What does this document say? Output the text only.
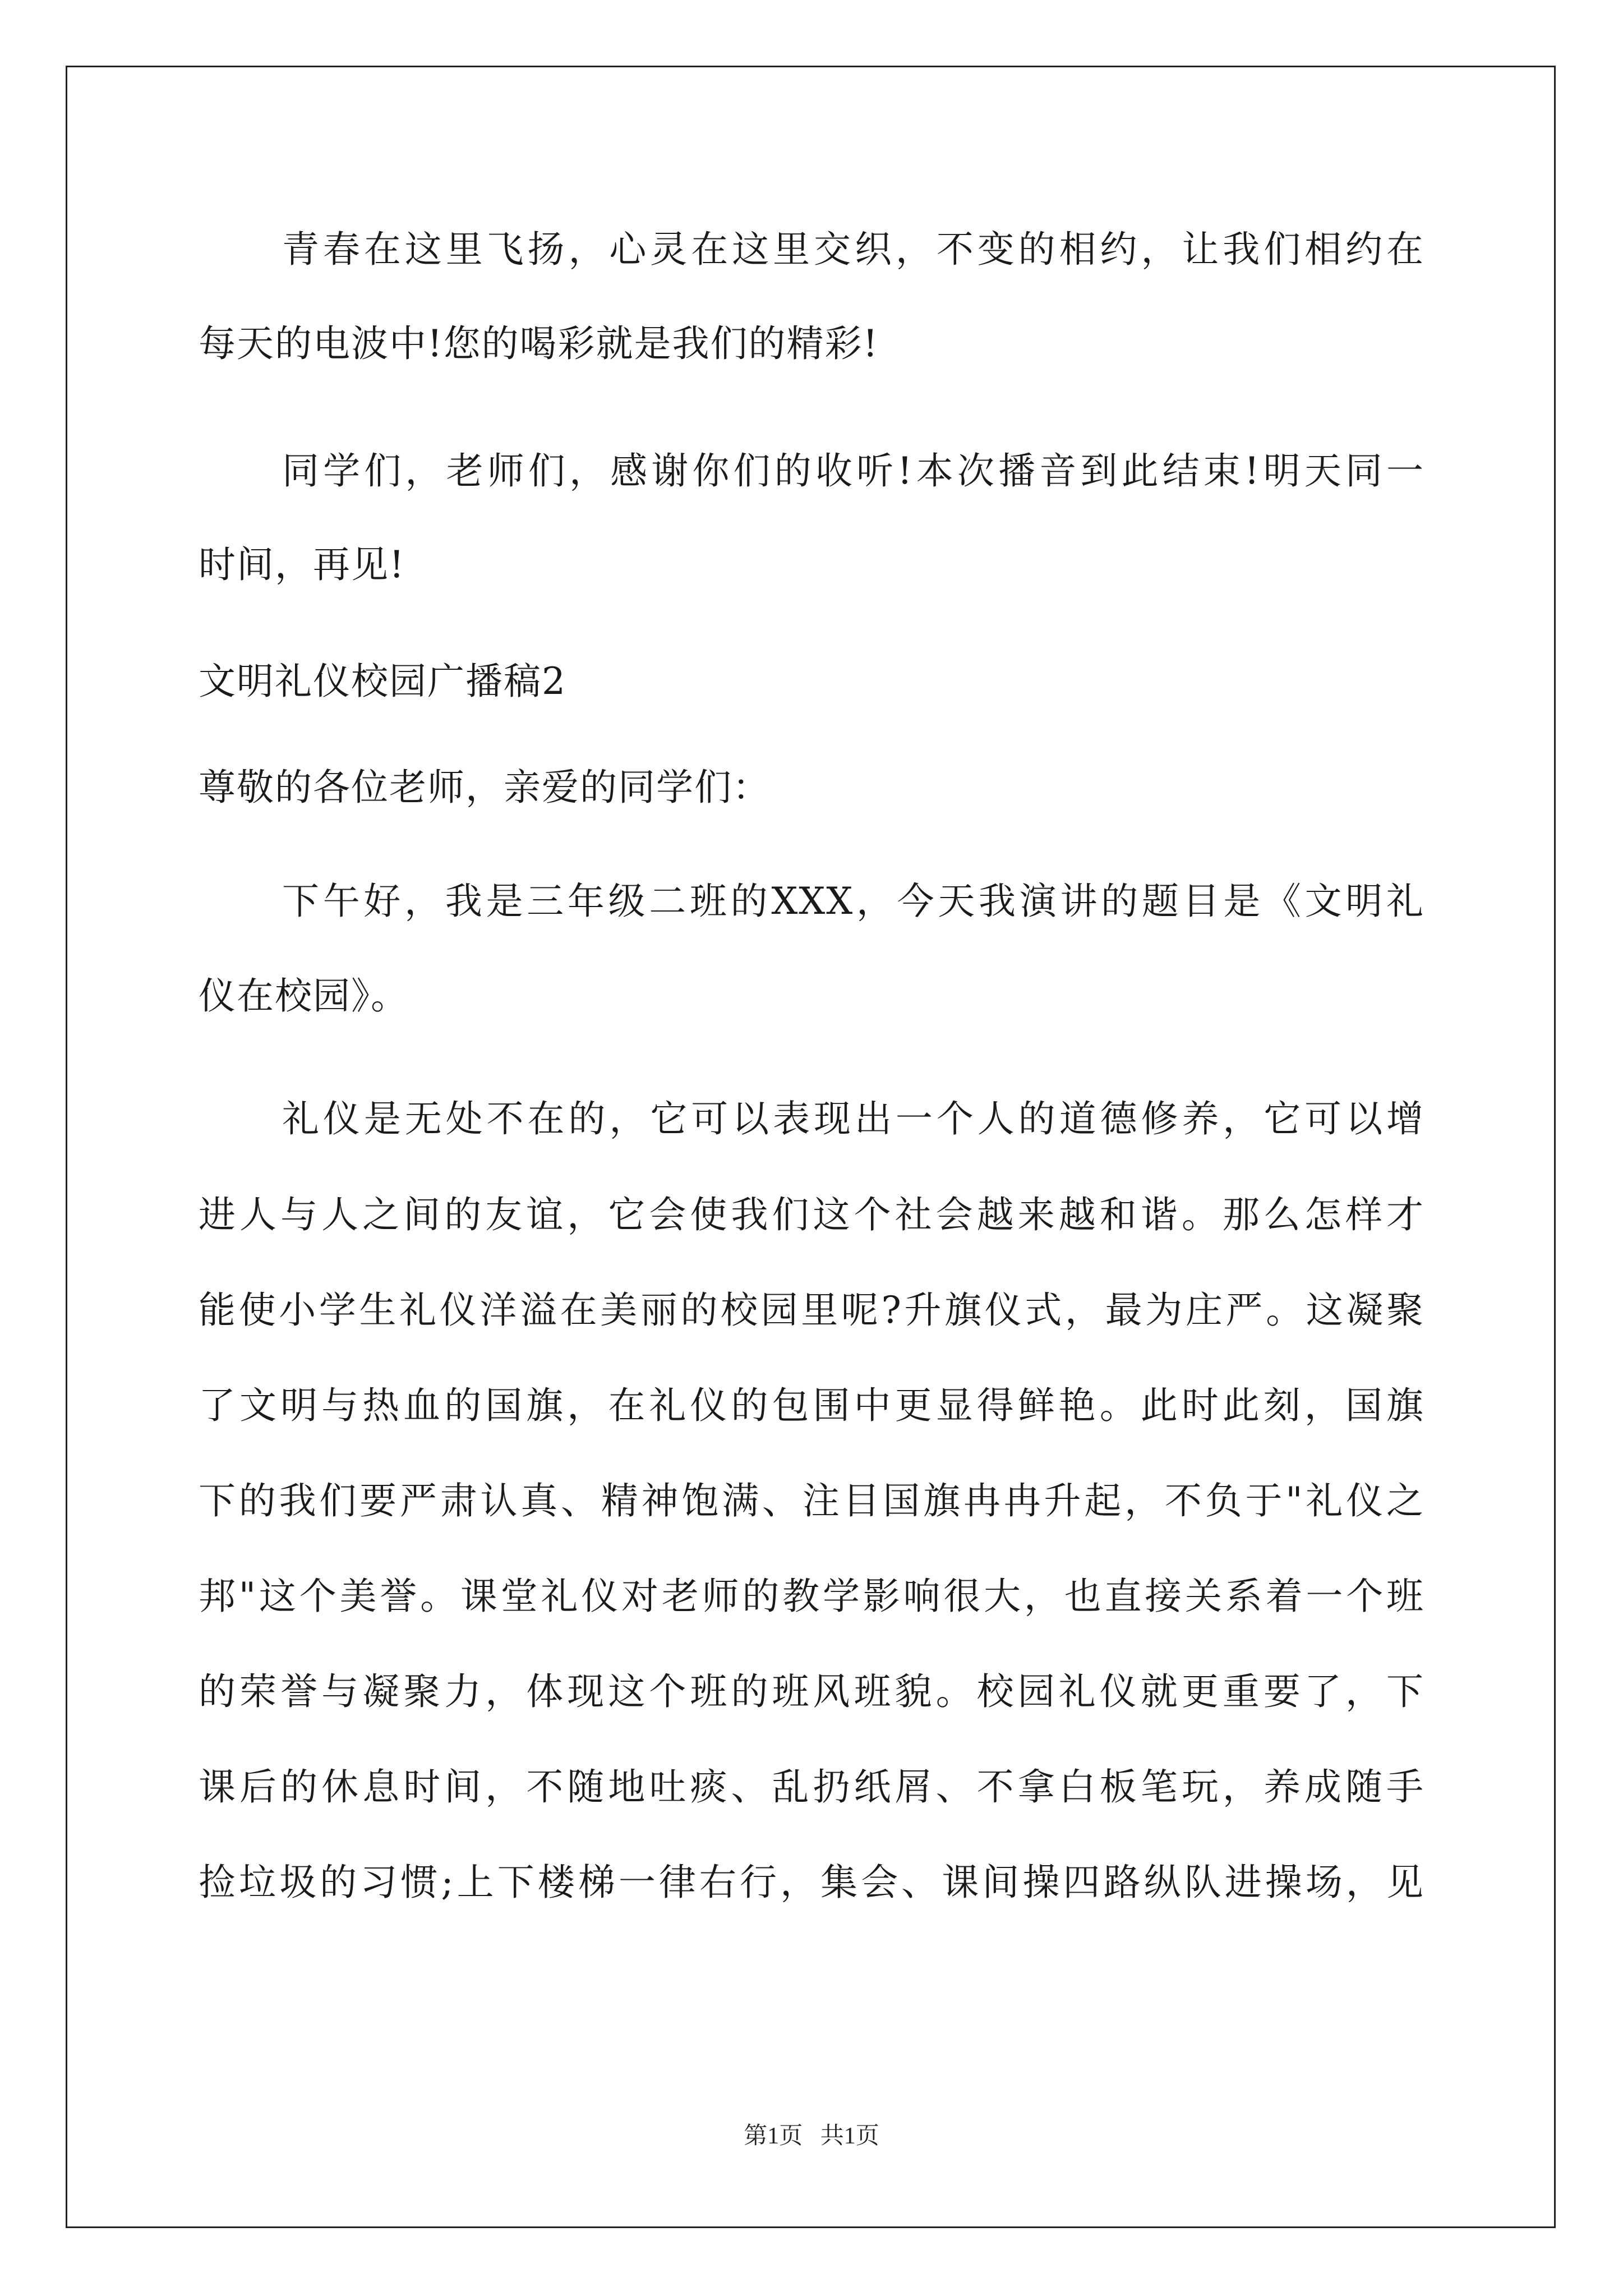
青春在这里飞扬，心灵在这里交织，不变的相约，让我们相约在
每天的电波中!您的喝彩就是我们的精彩!
同学们，老师们，感谢你们的收听!本次播音到此结束!明天同一
时间，再见!
文明礼仪校园广播稿2
尊敬的各位老师，亲爱的同学们：
下午好，我是三年级二班的XXX，今天我演讲的题目是《文明礼
仪在校园》。
礼仪是无处不在的，它可以表现出一个人的道德修养，它可以增
进人与人之间的友谊，它会使我们这个社会越来越和谐。那么怎样才
能使小学生礼仪洋溢在美丽的校园里呢?升旗仪式，最为庄严。这凝聚
了文明与热血的国旗，在礼仪的包围中更显得鲜艳。此时此刻，国旗
下的我们要严肃认真、精神饱满、注目国旗冉冉升起，不负于"礼仪之
邦"这个美誉。课堂礼仪对老师的教学影响很大，也直接关系着一个班
的荣誉与凝聚力，体现这个班的班风班貌。校园礼仪就更重要了，下
课后的休息时间，不随地吐痰、乱扔纸屑、不拿白板笔玩，养成随手
捡垃圾的习惯;上下楼梯一律右行，集会、课间操四路纵队进操场，见
第1页   共1页
